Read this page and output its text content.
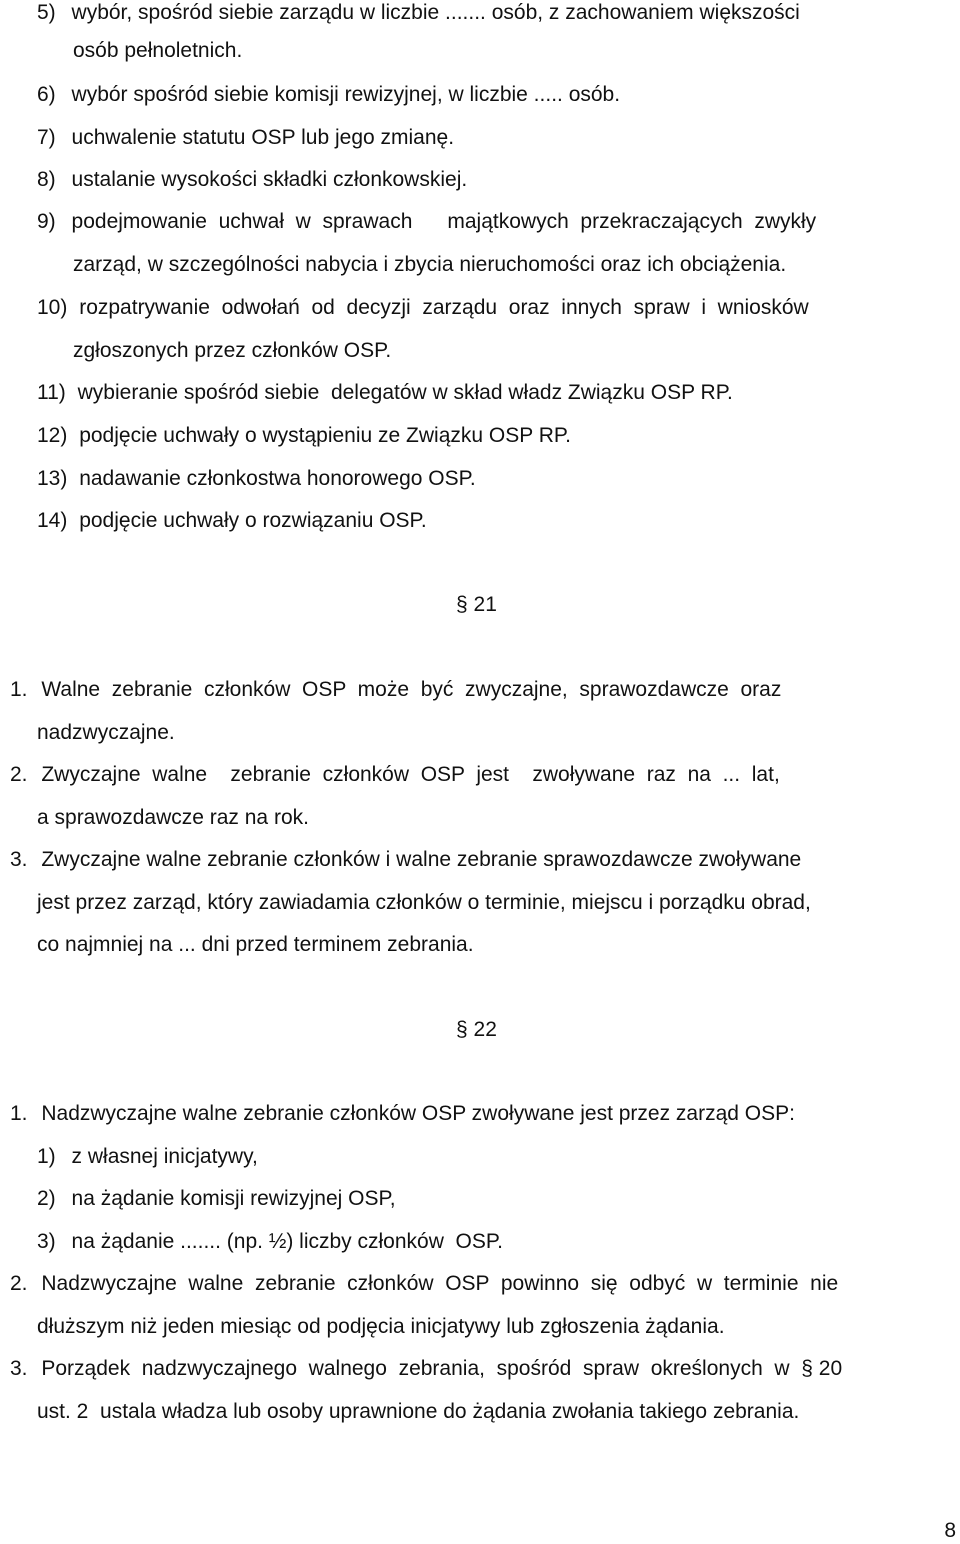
5) wybór, spośród siebie zarządu w liczbie ....... osób, z zachowaniem większości
osób pełnoletnich.
6) wybór spośród siebie komisji rewizyjnej, w liczbie ..... osób.
7) uchwalenie statutu OSP lub jego zmianę.
8) ustalanie wysokości składki członkowskiej.
9) podejmowanie  uchwał  w  sprawach      majątkowych  przekraczających  zwykły
zarząd, w szczególności nabycia i zbycia nieruchomości oraz ich obciążenia.
10) rozpatrywanie  odwołań  od  decyzji  zarządu  oraz  innych  spraw  i  wniosków
zgłoszonych przez członków OSP.
11) wybieranie spośród siebie  delegatów w skład władz Związku OSP RP.
12) podjęcie uchwały o wystąpieniu ze Związku OSP RP.
13) nadawanie członkostwa honorowego OSP.
14) podjęcie uchwały o rozwiązaniu OSP.
§ 21
1. Walne  zebranie  członków  OSP  może  być  zwyczajne,  sprawozdawcze  oraz
nadzwyczajne.
2. Zwyczajne  walne    zebranie  członków  OSP  jest    zwoływane  raz  na  ...  lat,
a sprawozdawcze raz na rok.
3. Zwyczajne walne zebranie członków i walne zebranie sprawozdawcze zwoływane
jest przez zarząd, który zawiadamia członków o terminie, miejscu i porządku obrad,
co najmniej na ... dni przed terminem zebrania.
§ 22
1. Nadzwyczajne walne zebranie członków OSP zwoływane jest przez zarząd OSP:
1) z własnej inicjatywy,
2) na żądanie komisji rewizyjnej OSP,
3) na żądanie ....... (np. ½) liczby członków  OSP.
2. Nadzwyczajne  walne  zebranie  członków  OSP  powinno  się  odbyć  w  terminie  nie
dłuższym niż jeden miesiąc od podjęcia inicjatywy lub zgłoszenia żądania.
3. Porządek  nadzwyczajnego  walnego  zebrania,  spośród  spraw  określonych  w  § 20
ust. 2  ustala władza lub osoby uprawnione do żądania zwołania takiego zebrania.
8
